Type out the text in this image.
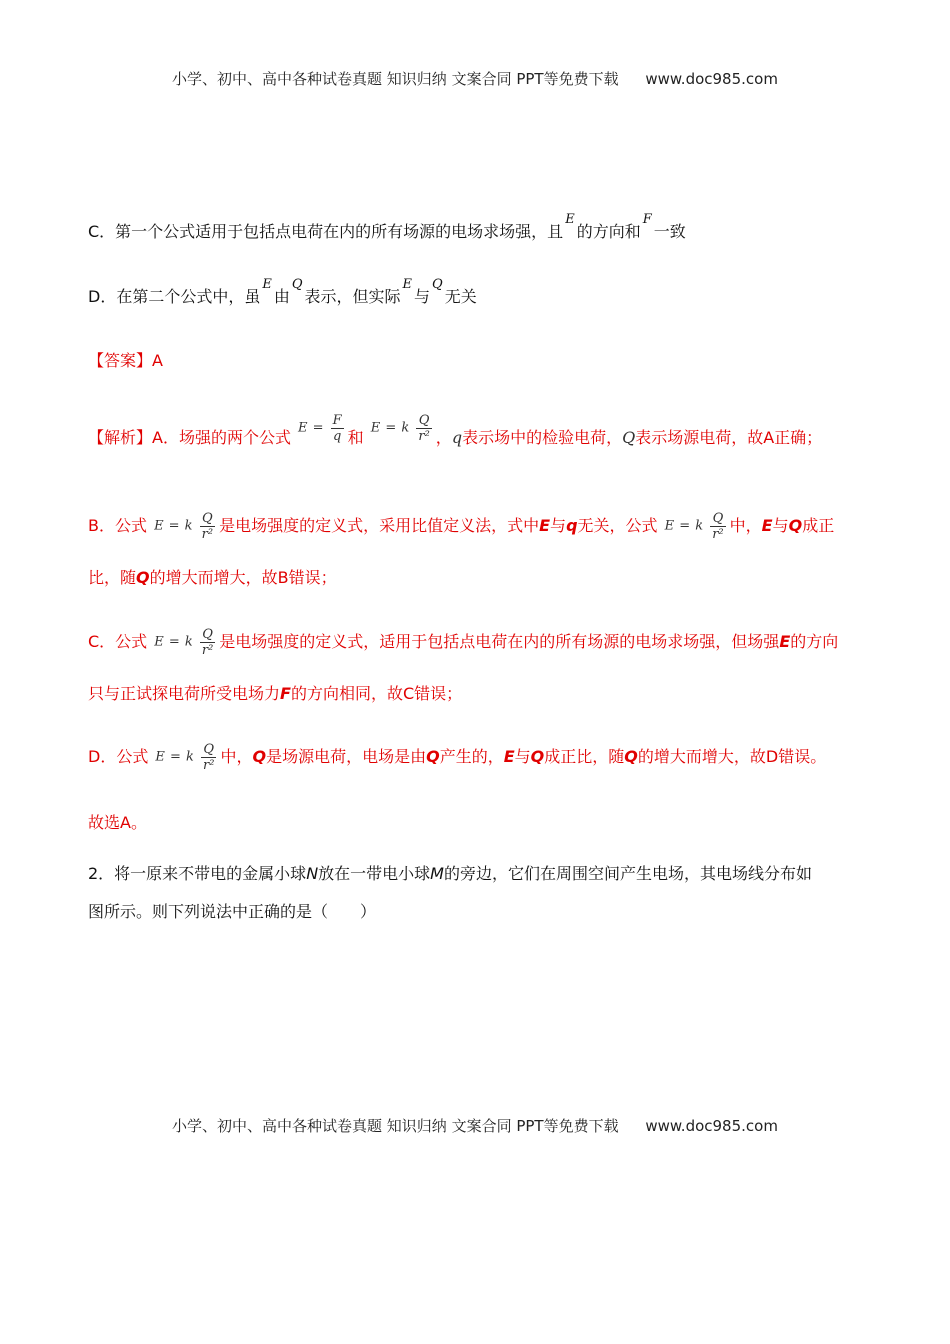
小学、初中、高中各种试卷真题 知识归纳 文案合同 PPT等免费下载 www.doc985.com
C．第一个公式适用于包括点电荷在内的所有场源的电场求场强，且$^E$的方向和$^F$一致
D．在第二个公式中，虽$^E$由$^Q$表示，但实际$^E$与$^Q$无关
【答案】A
【解析】A．场强的两个公式 $E = \frac{F}{q}$ 和 E = k $\frac{Q}{\text{r²}}$ ，q表示场中的检验电荷，Q表示场源电荷，故A正确；
B．公式 E = k $\frac{Q}{\text{r²}}$ 是电场强度的定义式，采用比值定义法，式中E与q无关，公式 E = k $\frac{Q}{\text{r²}}$ 中，E与Q成正
比，随Q的增大而增大，故B错误；
C．公式 E = k $\frac{Q}{\text{r²}}$ 是电场强度的定义式，适用于包括点电荷在内的所有场源的电场求场强，但场强E的方向
只与正试探电荷所受电场力F的方向相同，故C错误；
D．公式 E = k $\frac{Q}{\text{r²}}$ 中，Q是场源电荷，电场是由Q产生的，E与Q成正比，随Q的增大而增大，故D错误。
故选A。
2．将一原来不带电的金属小球N放在一带电小球M的旁边，它们在周围空间产生电场，其电场线分布如
图所示。则下列说法中正确的是（　　）
小学、初中、高中各种试卷真题 知识归纳 文案合同 PPT等免费下载 www.doc985.com
